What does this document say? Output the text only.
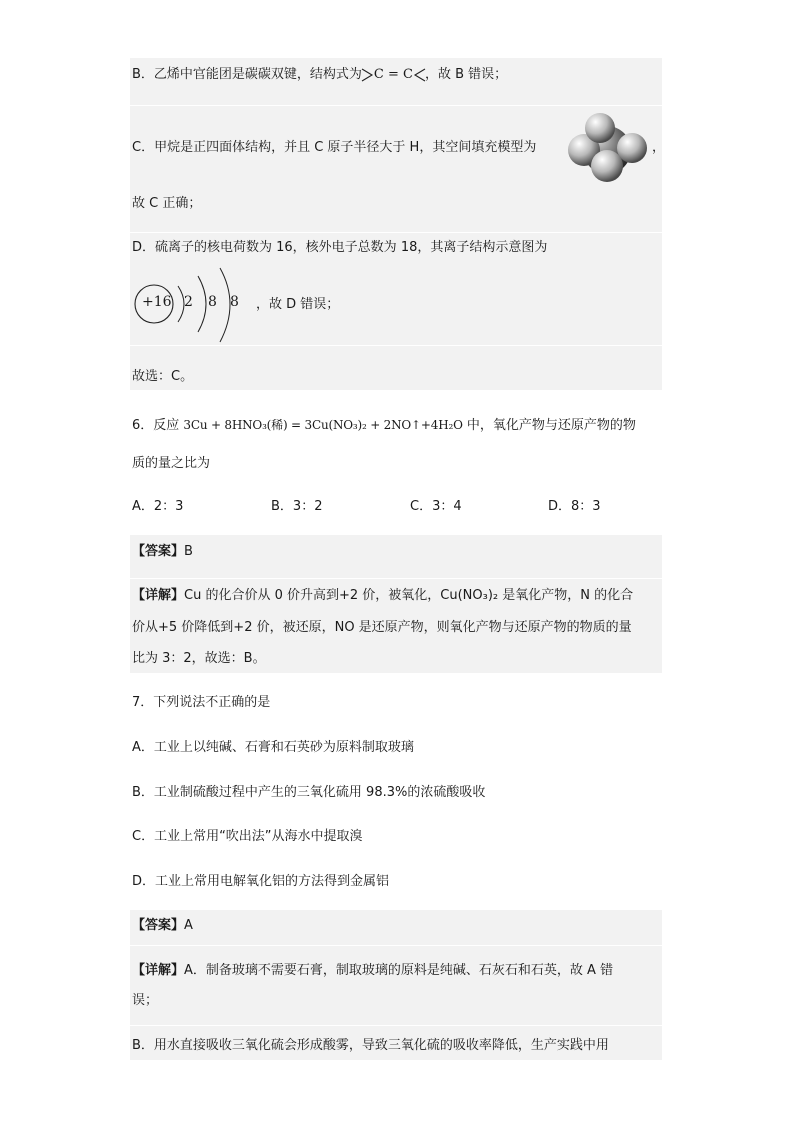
B．乙烯中官能团是碳碳双键，结构式为 C = C ，故 B 错误；
C．甲烷是正四面体结构，并且 C 原子半径大于 H，其空间填充模型为	，
故 C 正确；
D．硫离子的核电荷数为 16，核外电子总数为 18，其离子结构示意图为
+16 2 8 8 ，故 D 错误；
故选：C。
6．反应 3Cu + 8HNO₃(稀) = 3Cu(NO₃)₂ + 2NO↑+4H₂O 中，氧化产物与还原产物的物
质的量之比为
A．2：3	B．3：2	C．3：4	D．8：3
【答案】B
【详解】Cu 的化合价从 0 价升高到+2 价，被氧化，Cu(NO₃)₂ 是氧化产物，N 的化合
价从+5 价降低到+2 价，被还原，NO 是还原产物，则氧化产物与还原产物的物质的量
比为 3：2，故选：B。
7．下列说法不正确的是
A．工业上以纯碱、石膏和石英砂为原料制取玻璃
B．工业制硫酸过程中产生的三氧化硫用 98.3%的浓硫酸吸收
C．工业上常用“吹出法”从海水中提取溴
D．工业上常用电解氧化铝的方法得到金属铝
【答案】A
【详解】A．制备玻璃不需要石膏，制取玻璃的原料是纯碱、石灰石和石英，故 A 错
误；
B．用水直接吸收三氧化硫会形成酸雾，导致三氧化硫的吸收率降低，生产实践中用
